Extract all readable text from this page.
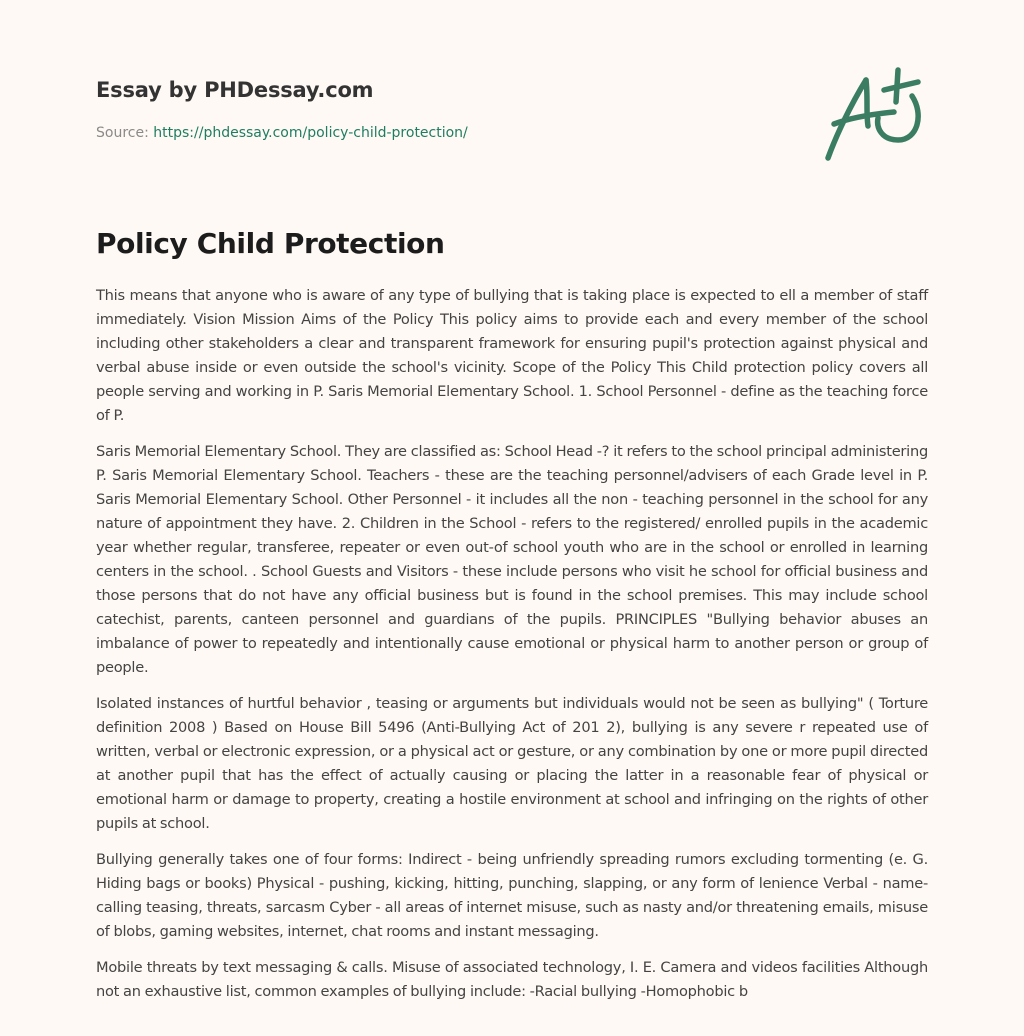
Essay by PHDessay.com
Source: https://phdessay.com/policy-child-protection/
Policy Child Protection

This means that anyone who is aware of any type of bullying that is taking place is expected to ell a member of staff immediately. Vision Mission Aims of the Policy This policy aims to provide each and every member of the school including other stakeholders a clear and transparent framework for ensuring pupil's protection against physical and verbal abuse inside or even outside the school's vicinity. Scope of the Policy This Child protection policy covers all people serving and working in P. Saris Memorial Elementary School. 1. School Personnel - define as the teaching force of P.

Saris Memorial Elementary School. They are classified as: School Head -? it refers to the school principal administering P. Saris Memorial Elementary School. Teachers - these are the teaching personnel/advisers of each Grade level in P. Saris Memorial Elementary School. Other Personnel - it includes all the non - teaching personnel in the school for any nature of appointment they have. 2. Children in the School - refers to the registered/ enrolled pupils in the academic year whether regular, transferee, repeater or even out-of school youth who are in the school or enrolled in learning centers in the school. . School Guests and Visitors - these include persons who visit he school for official business and those persons that do not have any official business but is found in the school premises. This may include school catechist, parents, canteen personnel and guardians of the pupils. PRINCIPLES "Bullying behavior abuses an imbalance of power to repeatedly and intentionally cause emotional or physical harm to another person or group of people.

Isolated instances of hurtful behavior , teasing or arguments but individuals would not be seen as bullying" ( Torture definition 2008 ) Based on House Bill 5496 (Anti-Bullying Act of 201 2), bullying is any severe r repeated use of written, verbal or electronic expression, or a physical act or gesture, or any combination by one or more pupil directed at another pupil that has the effect of actually causing or placing the latter in a reasonable fear of physical or emotional harm or damage to property, creating a hostile environment at school and infringing on the rights of other pupils at school.

Bullying generally takes one of four forms: Indirect - being unfriendly spreading rumors excluding tormenting (e. G. Hiding bags or books) Physical - pushing, kicking, hitting, punching, slapping, or any form of lenience Verbal - name-calling teasing, threats, sarcasm Cyber - all areas of internet misuse, such as nasty and/or threatening emails, misuse of blobs, gaming websites, internet, chat rooms and instant messaging.

Mobile threats by text messaging & calls. Misuse of associated technology, I. E. Camera and videos facilities Although not an exhaustive list, common examples of bullying include: -Racial bullying -Homophobic b
